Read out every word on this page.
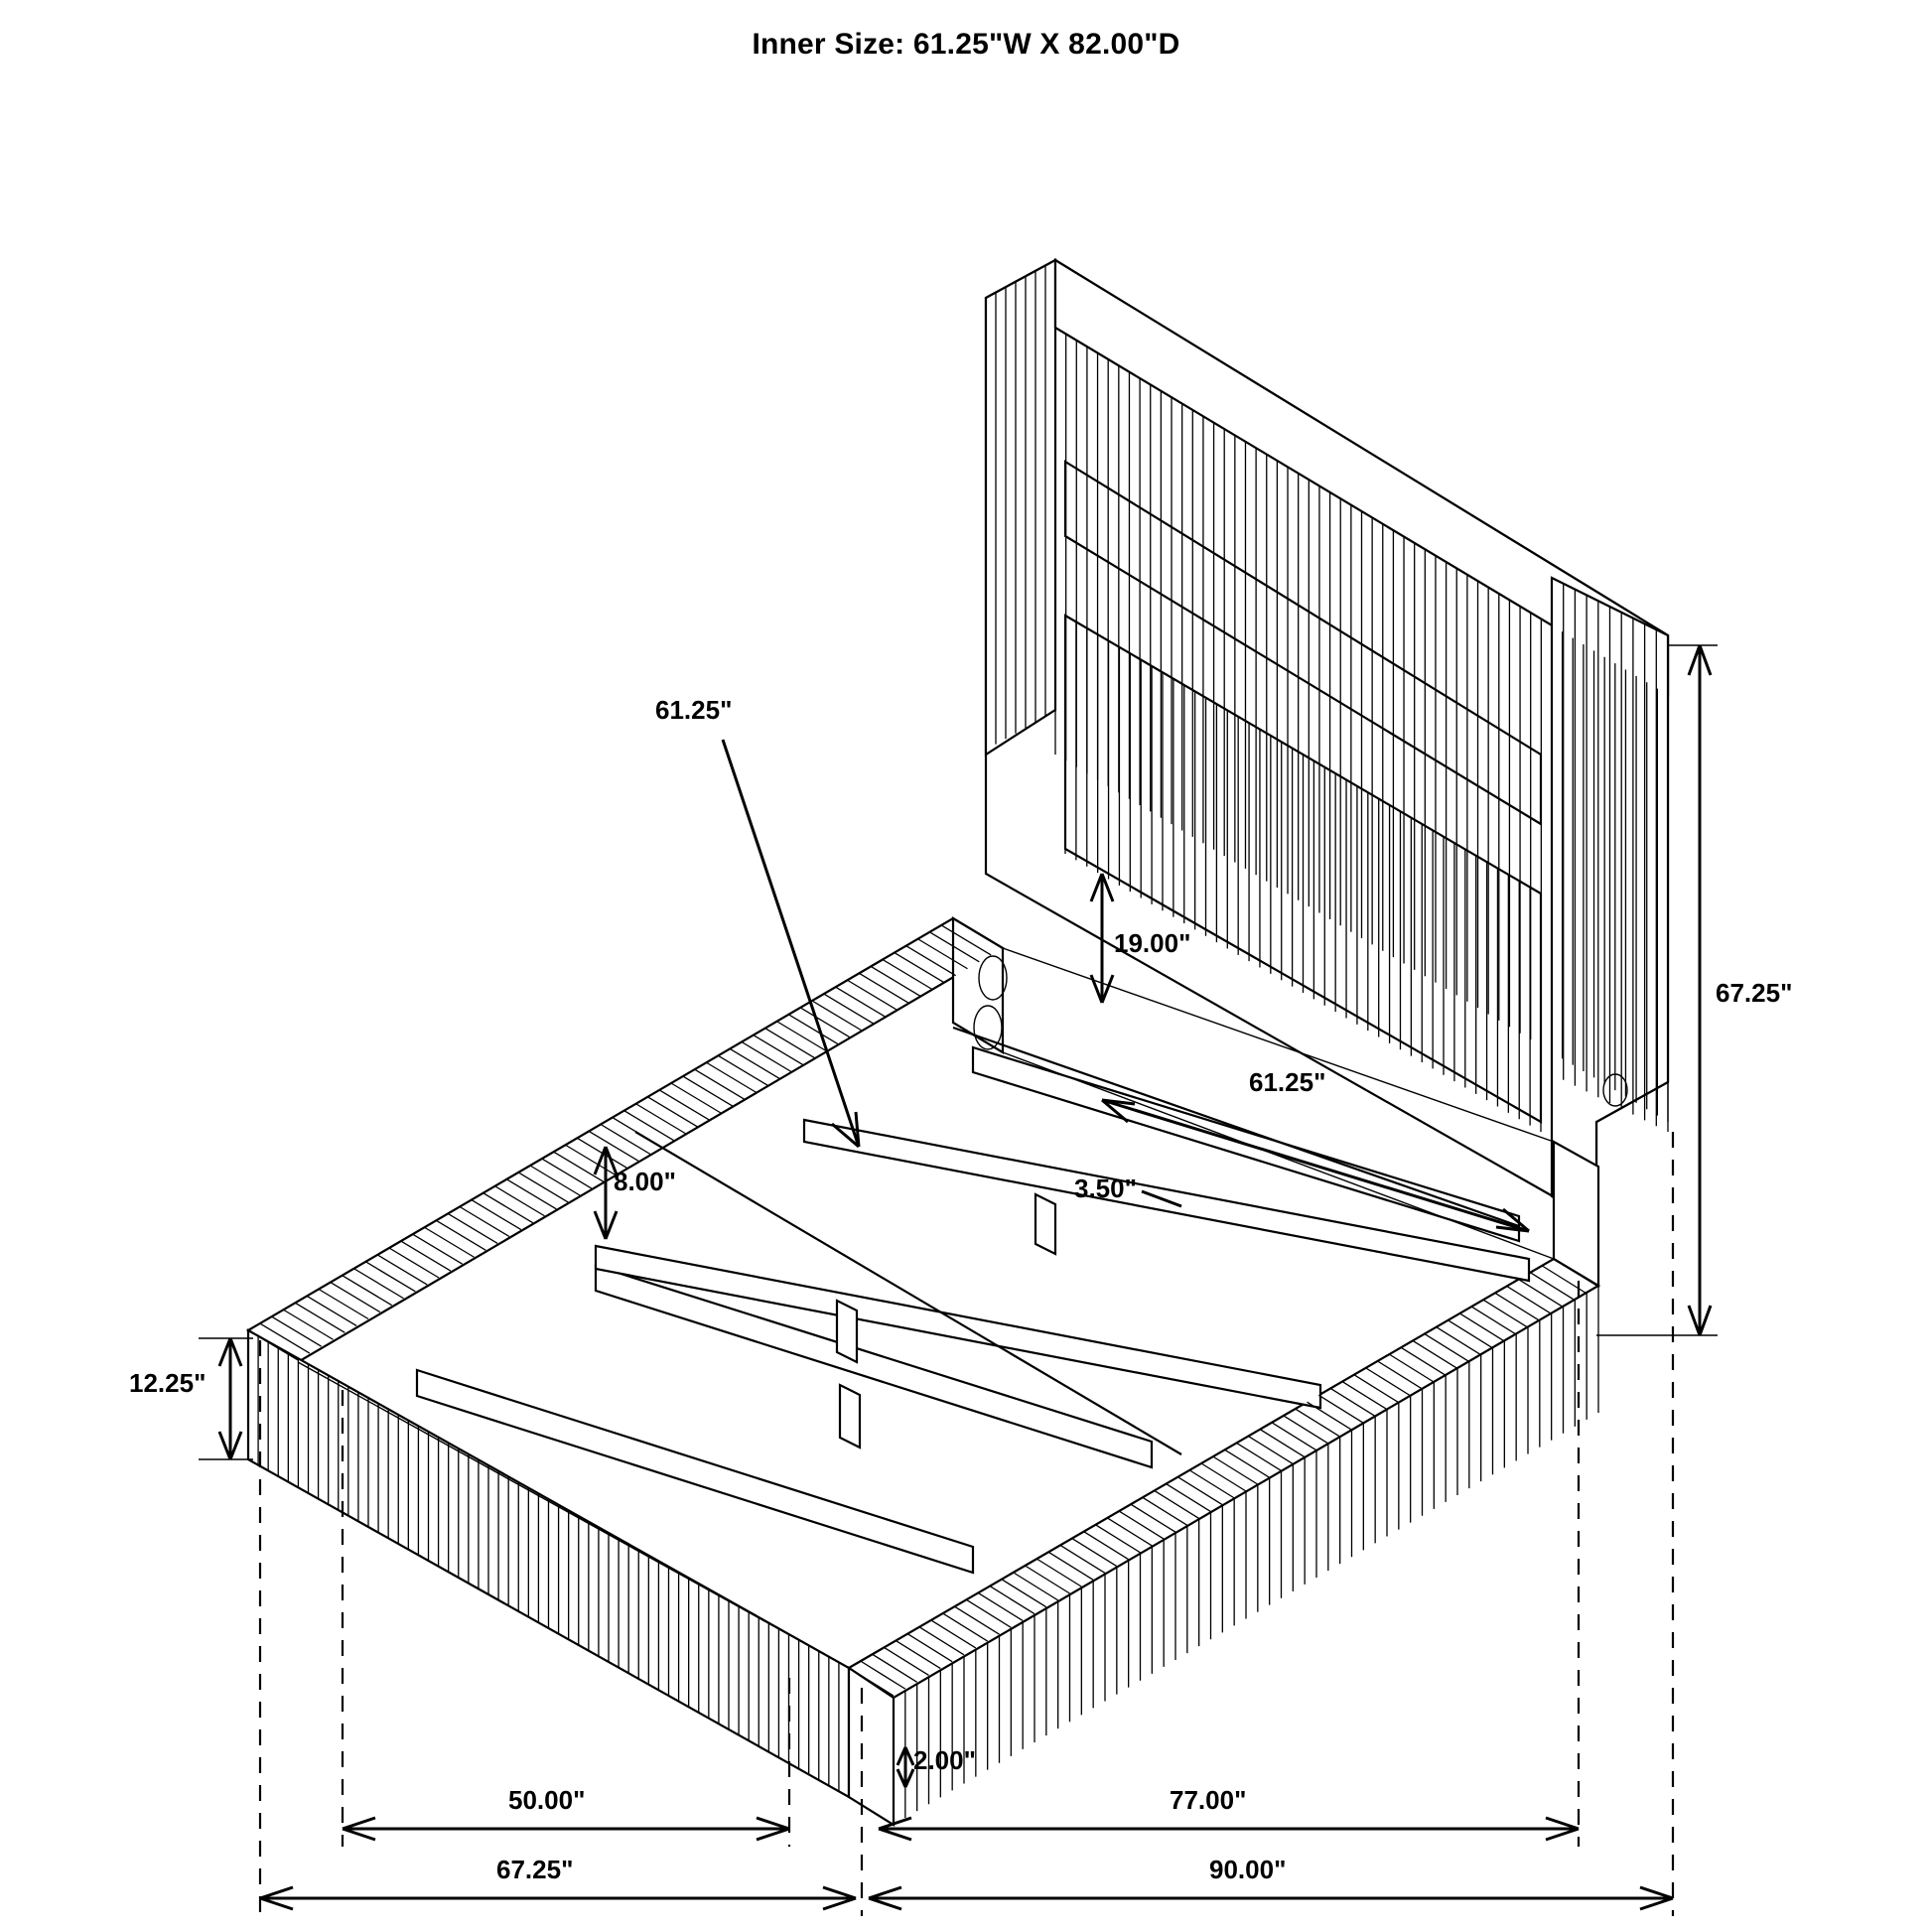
Inner Size: 61.25"W X 82.00"D
61.25"
19.00"
67.25"
8.00"
61.25"
3.50"
12.25"
2.00"
50.00"	77.00"
67.25"	90.00"
